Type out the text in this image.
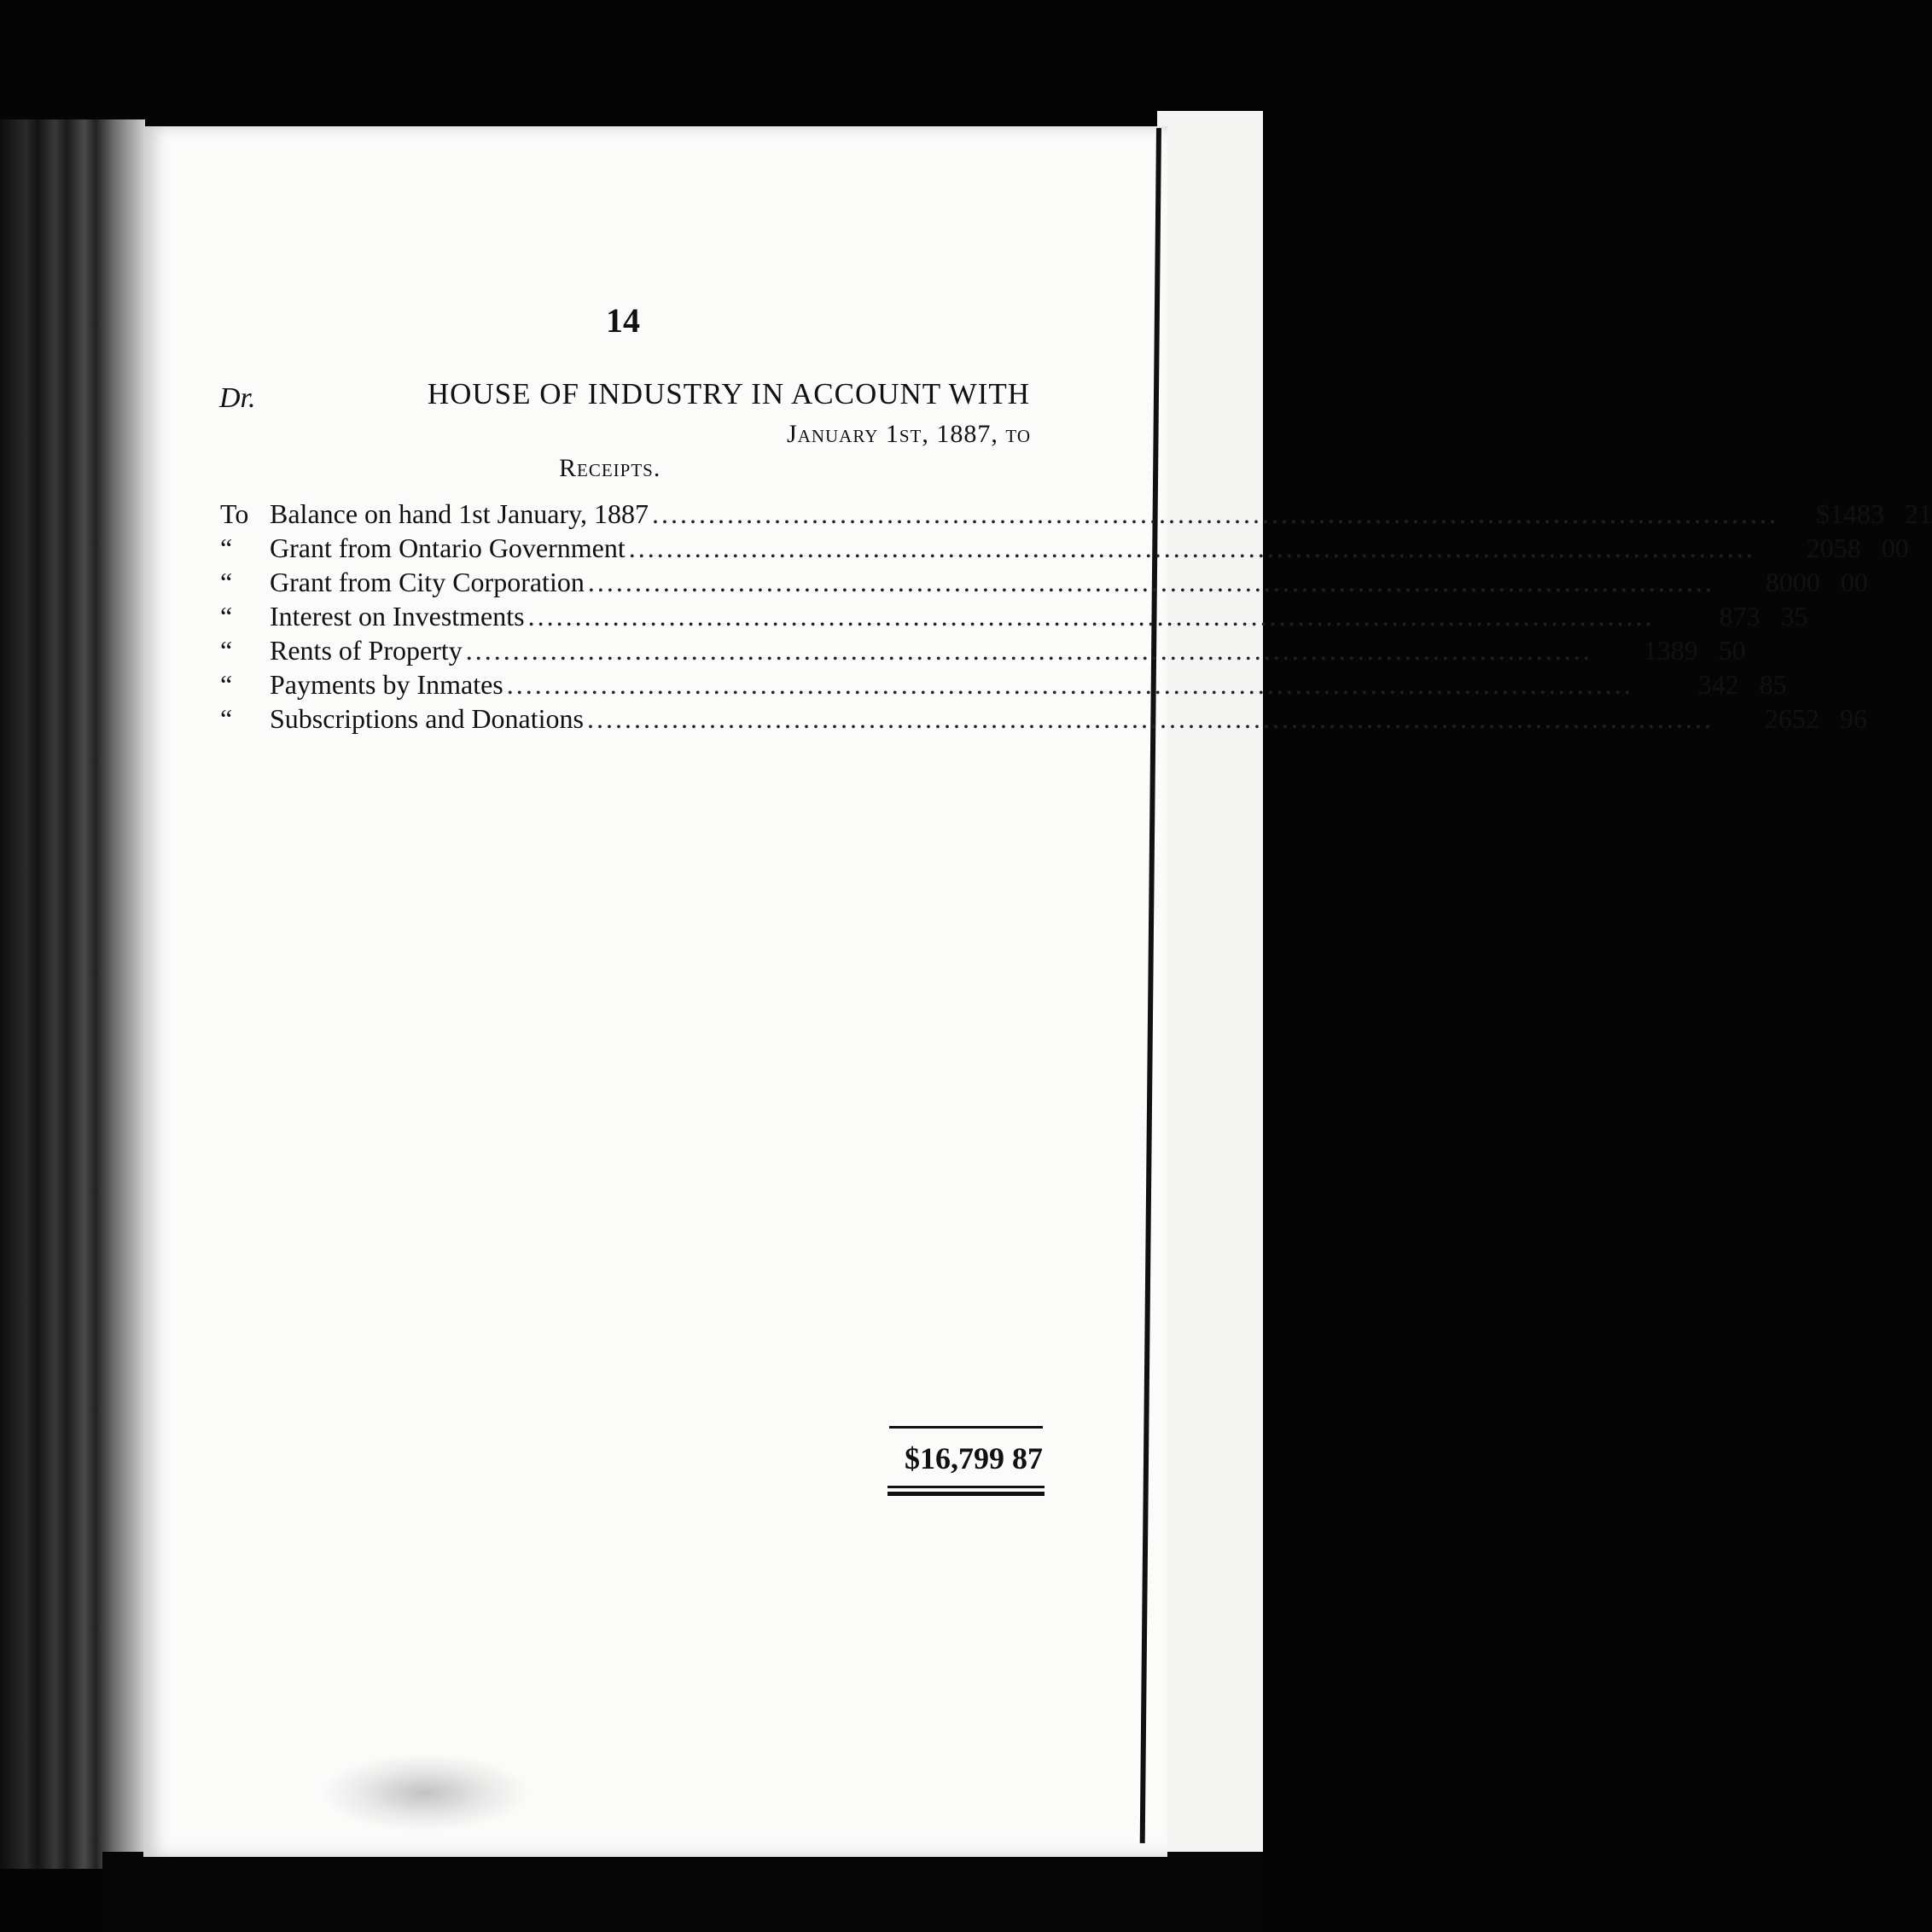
14
Dr.	HOUSE OF INDUSTRY IN ACCOUNT WITH
January 1st, 1887, to
Receipts.
To Balance on hand 1st January, 1887 ........................................................................................................................	$1483 21
“	Grant from Ontario Government ........................................................................................................................	2058 00
“	Grant from City Corporation ........................................................................................................................	8000 00
“	Interest on Investments ........................................................................................................................	873 35
“	Rents of Property ........................................................................................................................	1389 50
“	Payments by Inmates ........................................................................................................................	342 85
“	Subscriptions and Donations ........................................................................................................................	2652 96
$16,799 87
